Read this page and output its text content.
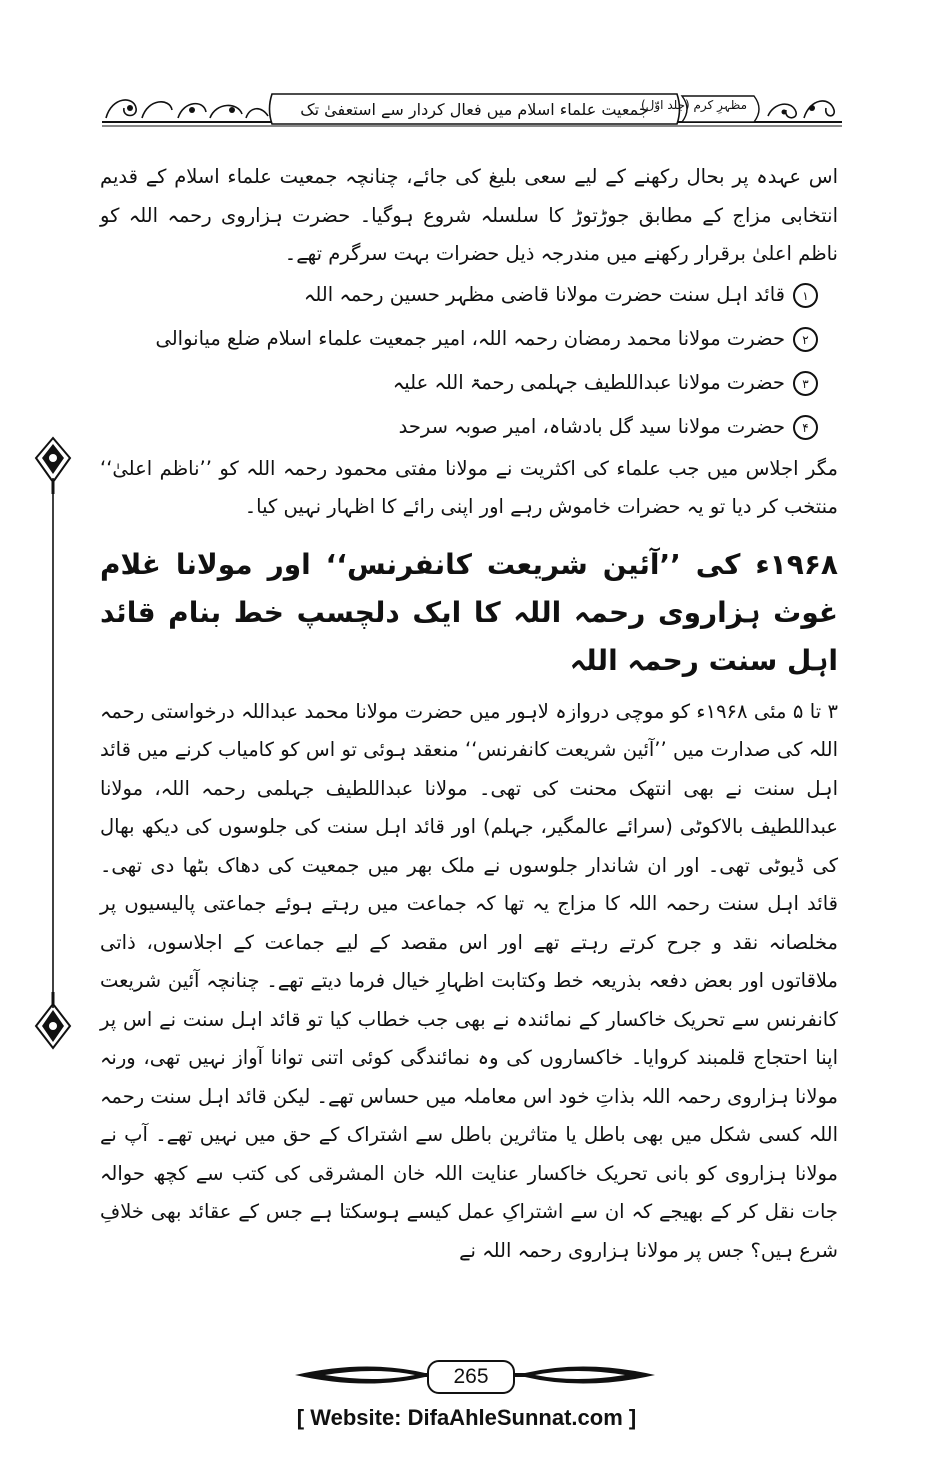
مظہرِ کرم (جلد اوّل)
جمعیت علماء اسلام میں فعال کردار سے استعفیٰ تک

اس عہدہ پر بحال رکھنے کے لیے سعی بلیغ کی جائے، چنانچہ جمعیت علماء اسلام کے قدیم انتخابی مزاج کے مطابق جوڑتوڑ کا سلسلہ شروع ہوگیا۔ حضرت ہزاروی رحمہ اللہ کو ناظم اعلیٰ برقرار رکھنے میں مندرجہ ذیل حضرات بہت سرگرم تھے۔

۱
قائد اہل سنت حضرت مولانا قاضی مظہر حسین رحمہ اللہ
۲
حضرت مولانا محمد رمضان رحمہ اللہ، امیر جمعیت علماء اسلام ضلع میانوالی
۳
حضرت مولانا عبداللطیف جہلمی رحمۃ اللہ علیہ
۴
حضرت مولانا سید گل بادشاہ، امیر صوبہ سرحد

مگر اجلاس میں جب علماء کی اکثریت نے مولانا مفتی محمود رحمہ اللہ کو ’’ناظم اعلیٰ‘‘ منتخب کر دیا تو یہ حضرات خاموش رہے اور اپنی رائے کا اظہار نہیں کیا۔

۱۹۶۸ء کی ’’آئین شریعت کانفرنس‘‘ اور مولانا غلام غوث ہزاروی رحمہ اللہ کا ایک دلچسپ خط بنام قائد اہل سنت رحمہ اللہ

۳ تا ۵ مئی ۱۹۶۸ء کو موچی دروازہ لاہور میں حضرت مولانا محمد عبداللہ درخواستی رحمہ اللہ کی صدارت میں ’’آئین شریعت کانفرنس‘‘ منعقد ہوئی تو اس کو کامیاب کرنے میں قائد اہل سنت نے بھی انتھک محنت کی تھی۔ مولانا عبداللطیف جہلمی رحمہ اللہ، مولانا عبداللطیف بالاکوٹی (سرائے عالمگیر، جہلم) اور قائد اہل سنت کی جلوسوں کی دیکھ بھال کی ڈیوٹی تھی۔ اور ان شاندار جلوسوں نے ملک بھر میں جمعیت کی دھاک بٹھا دی تھی۔ قائد اہل سنت رحمہ اللہ کا مزاج یہ تھا کہ جماعت میں رہتے ہوئے جماعتی پالیسیوں پر مخلصانہ نقد و جرح کرتے رہتے تھے اور اس مقصد کے لیے جماعت کے اجلاسوں، ذاتی ملاقاتوں اور بعض دفعہ بذریعہ خط وکتابت اظہارِ خیال فرما دیتے تھے۔ چنانچہ آئین شریعت کانفرنس سے تحریک خاکسار کے نمائندہ نے بھی جب خطاب کیا تو قائد اہل سنت نے اس پر اپنا احتجاج قلمبند کروایا۔ خاکساروں کی وہ نمائندگی کوئی اتنی توانا آواز نہیں تھی، ورنہ مولانا ہزاروی رحمہ اللہ بذاتِ خود اس معاملہ میں حساس تھے۔ لیکن قائد اہل سنت رحمہ اللہ کسی شکل میں بھی باطل یا متاثرین باطل سے اشتراک کے حق میں نہیں تھے۔ آپ نے مولانا ہزاروی کو بانی تحریک خاکسار عنایت اللہ خان المشرقی کی کتب سے کچھ حوالہ جات نقل کر کے بھیجے کہ ان سے اشتراکِ عمل کیسے ہوسکتا ہے جس کے عقائد بھی خلافِ شرع ہیں؟ جس پر مولانا ہزاروی رحمہ اللہ نے

265
[ Website: DifaAhleSunnat.com ]
